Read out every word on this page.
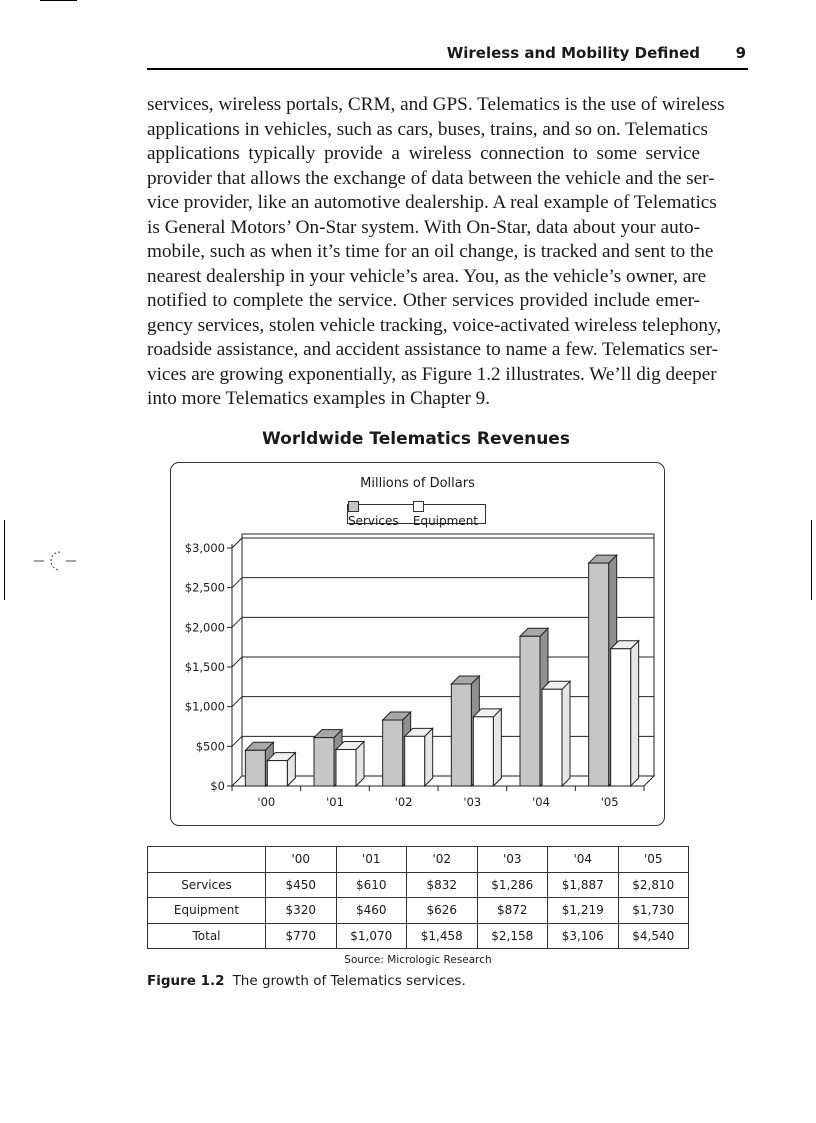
Wireless and Mobility Defined 9
services, wireless portals, CRM, and GPS. Telematics is the use of wireless
applications in vehicles, such as cars, buses, trains, and so on. Telematics
applications typically provide a wireless connection to some service
provider that allows the exchange of data between the vehicle and the ser-
vice provider, like an automotive dealership. A real example of Telematics
is General Motors’ On-Star system. With On-Star, data about your auto-
mobile, such as when it’s time for an oil change, is tracked and sent to the
nearest dealership in your vehicle’s area. You, as the vehicle’s owner, are
notified to complete the service. Other services provided include emer-
gency services, stolen vehicle tracking, voice-activated wireless telephony,
roadside assistance, and accident assistance to name a few. Telematics ser-
vices are growing exponentially, as Figure 1.2 illustrates. We’ll dig deeper
into more Telematics examples in Chapter 9.
Worldwide Telematics Revenues
Millions of Dollars
Services	Equipment
$0
$500
$1,000
$1,500
$2,000
$2,500
$3,000
'00	'01	'02	'03	'04	'05
	'00	'01	'02	'03	'04	'05
Services	$450	$610	$832	$1,286	$1,887	$2,810
Equipment	$320	$460	$626	$872	$1,219	$1,730
Total	$770	$1,070	$1,458	$2,158	$3,106	$4,540
Source: Micrologic Research
Figure 1.2 The growth of Telematics services.
